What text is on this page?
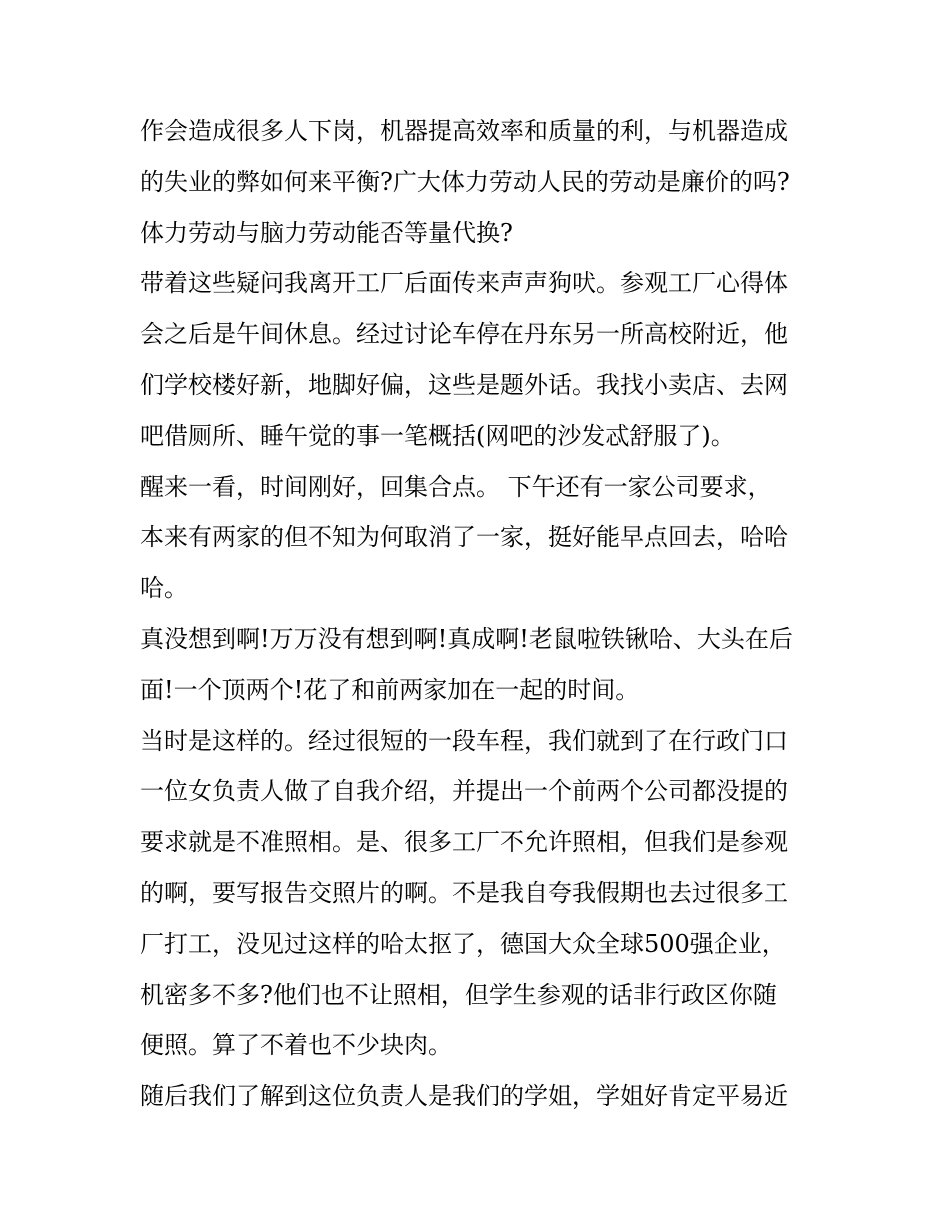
作会造成很多人下岗，机器提高效率和质量的利，与机器造成
的失业的弊如何来平衡?广大体力劳动人民的劳动是廉价的吗?
体力劳动与脑力劳动能否等量代换?
带着这些疑问我离开工厂后面传来声声狗吠。参观工厂心得体
会之后是午间休息。经过讨论车停在丹东另一所高校附近，他
们学校楼好新，地脚好偏，这些是题外话。我找小卖店、去网
吧借厕所、睡午觉的事一笔概括(网吧的沙发忒舒服了)。
醒来一看，时间刚好，回集合点。 下午还有一家公司要求，
本来有两家的但不知为何取消了一家，挺好能早点回去，哈哈
哈。
真没想到啊!万万没有想到啊!真成啊!老鼠啦铁锹哈、大头在后
面!一个顶两个!花了和前两家加在一起的时间。
当时是这样的。经过很短的一段车程，我们就到了在行政门口
一位女负责人做了自我介绍，并提出一个前两个公司都没提的
要求就是不准照相。是、很多工厂不允许照相，但我们是参观
的啊，要写报告交照片的啊。不是我自夸我假期也去过很多工
厂打工，没见过这样的哈太抠了，德国大众全球500强企业，
机密多不多?他们也不让照相，但学生参观的话非行政区你随
便照。算了不着也不少块肉。
随后我们了解到这位负责人是我们的学姐，学姐好肯定平易近
